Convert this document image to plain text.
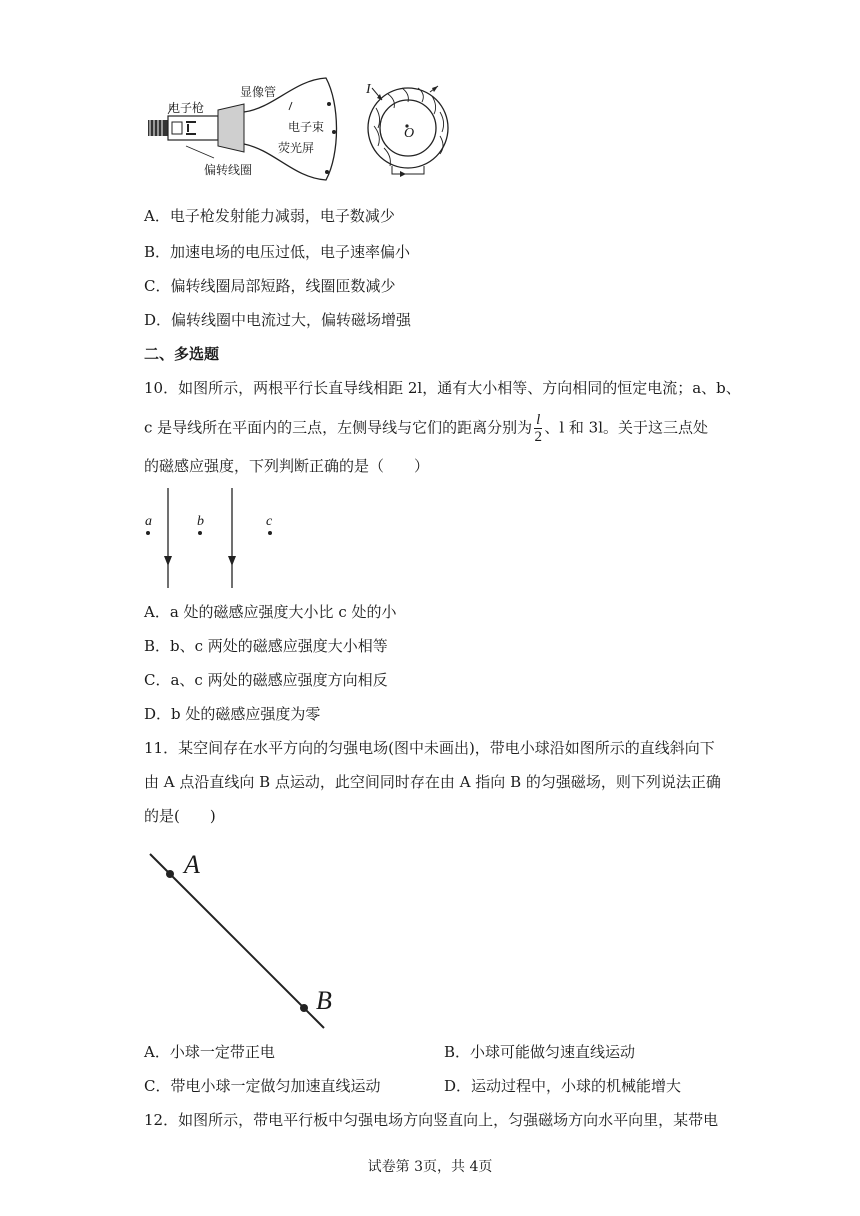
电子枪
显像管
电子束
荧光屏
偏转线圈
I
O
A．电子枪发射能力减弱，电子数减少
B．加速电场的电压过低，电子速率偏小
C．偏转线圈局部短路，线圈匝数减少
D．偏转线圈中电流过大，偏转磁场增强
二、多选题
10．如图所示，两根平行长直导线相距 2l，通有大小相等、方向相同的恒定电流；a、b、
c 是导线所在平面内的三点，左侧导线与它们的距离分别为 $\frac{l}{2}$ 、l 和 3l。关于这三点处
的磁感应强度，下列判断正确的是（　　）
a	b	c
A．a 处的磁感应强度大小比 c 处的小
B．b、c 两处的磁感应强度大小相等
C．a、c 两处的磁感应强度方向相反
D．b 处的磁感应强度为零
11．某空间存在水平方向的匀强电场(图中未画出)，带电小球沿如图所示的直线斜向下
由 A 点沿直线向 B 点运动，此空间同时存在由 A 指向 B 的匀强磁场，则下列说法正确
的是(　　)
A
B
A．小球一定带正电	B．小球可能做匀速直线运动
C．带电小球一定做匀加速直线运动	D．运动过程中，小球的机械能增大
12．如图所示，带电平行板中匀强电场方向竖直向上，匀强磁场方向水平向里，某带电
试卷第 3页，共 4页
